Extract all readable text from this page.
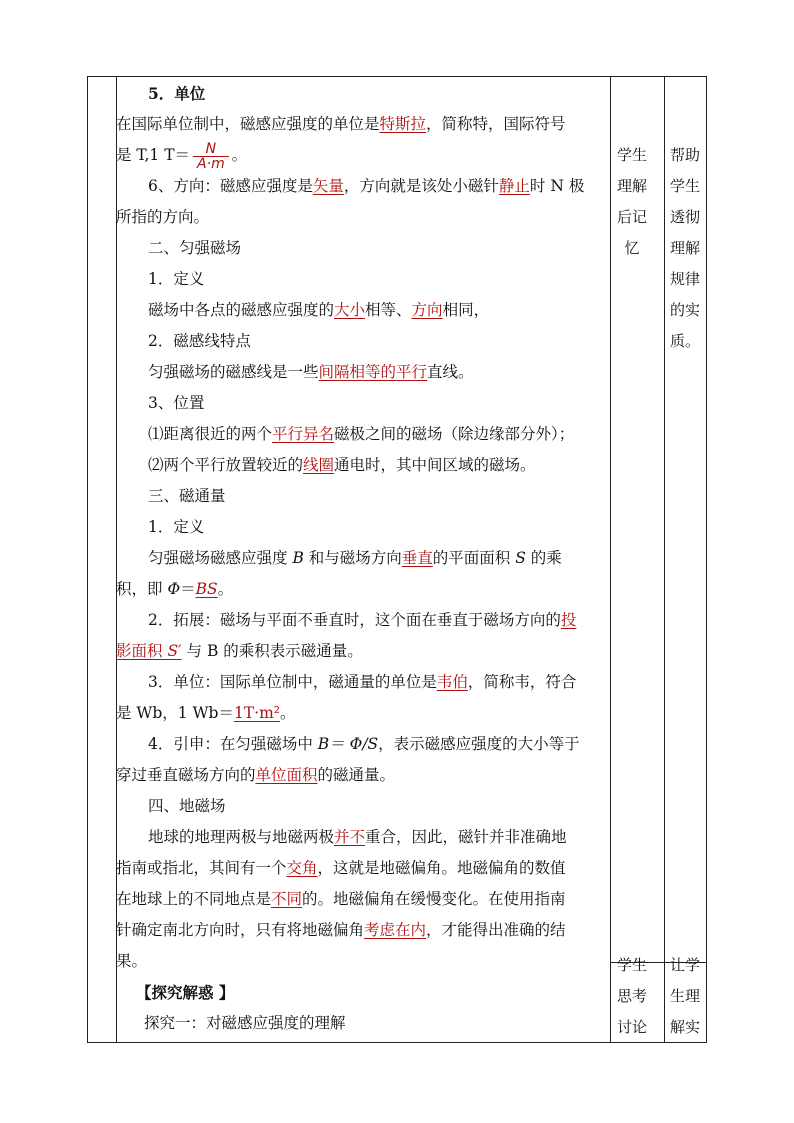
5．单位

在国际单位制中，磁感应强度的单位是特斯拉，简称特，国际符号

是 T,1 $T= \frac{N}{A\cdot m}$ 。

6、方向：磁感应强度是矢量，方向就是该处小磁针静止时 N 极

所指的方向。

二、匀强磁场

1．定义

磁场中各点的磁感应强度的大小相等、方向相同，

2．磁感线特点

匀强磁场的磁感线是一些间隔相等的平行直线。

3、位置

⑴距离很近的两个平行异名磁极之间的磁场（除边缘部分外）；

⑵两个平行放置较近的线圈通电时，其中间区域的磁场。

三、磁通量

1．定义

匀强磁场磁感应强度 B 和与磁场方向垂直的平面面积 S 的乘

积，即 Φ＝BS。

2．拓展：磁场与平面不垂直时，这个面在垂直于磁场方向的投

影面积 S′ 与 B 的乘积表示磁通量。

3．单位：国际单位制中，磁通量的单位是韦伯，简称韦，符合

是 Wb，1 Wb＝1T·m²。

4．引申：在匀强磁场中 B＝ Φ/S，表示磁感应强度的大小等于

穿过垂直磁场方向的单位面积的磁通量。

四、地磁场

地球的地理两极与地磁两极并不重合，因此，磁针并非准确地

指南或指北，其间有一个交角，这就是地磁偏角。地磁偏角的数值

在地球上的不同地点是不同的。地磁偏角在缓慢变化。在使用指南

针确定南北方向时，只有将地磁偏角考虑在内，才能得出准确的结

果。

【探究解惑 】

探究一：对磁感应强度的理解

学生
理解
后记
忆
帮助
学生
透彻
理解
规律
的实
质。
学生
思考
讨论
让学
生理
解实
